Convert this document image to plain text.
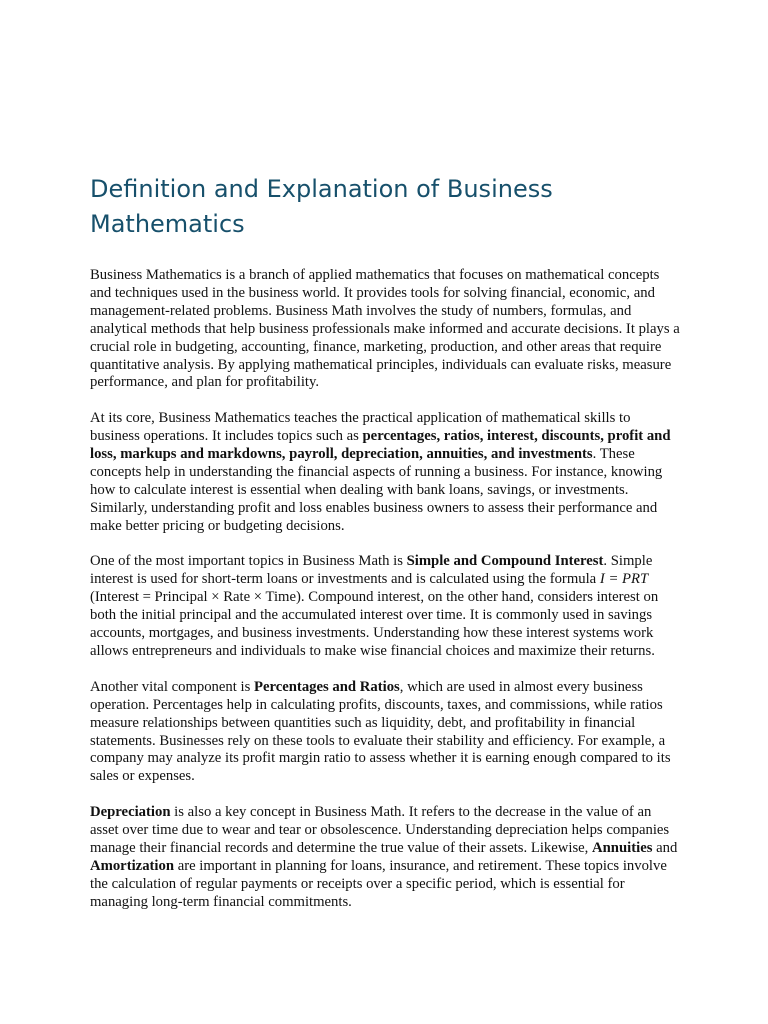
Definition and Explanation of Business Mathematics

Business Mathematics is a branch of applied mathematics that focuses on mathematical concepts and techniques used in the business world. It provides tools for solving financial, economic, and management-related problems. Business Math involves the study of numbers, formulas, and analytical methods that help business professionals make informed and accurate decisions. It plays a crucial role in budgeting, accounting, finance, marketing, production, and other areas that require quantitative analysis. By applying mathematical principles, individuals can evaluate risks, measure performance, and plan for profitability.

At its core, Business Mathematics teaches the practical application of mathematical skills to business operations. It includes topics such as percentages, ratios, interest, discounts, profit and loss, markups and markdowns, payroll, depreciation, annuities, and investments. These concepts help in understanding the financial aspects of running a business. For instance, knowing how to calculate interest is essential when dealing with bank loans, savings, or investments. Similarly, understanding profit and loss enables business owners to assess their performance and make better pricing or budgeting decisions.

One of the most important topics in Business Math is Simple and Compound Interest. Simple interest is used for short-term loans or investments and is calculated using the formula I = PRT (Interest = Principal × Rate × Time). Compound interest, on the other hand, considers interest on both the initial principal and the accumulated interest over time. It is commonly used in savings accounts, mortgages, and business investments. Understanding how these interest systems work allows entrepreneurs and individuals to make wise financial choices and maximize their returns.

Another vital component is Percentages and Ratios, which are used in almost every business operation. Percentages help in calculating profits, discounts, taxes, and commissions, while ratios measure relationships between quantities such as liquidity, debt, and profitability in financial statements. Businesses rely on these tools to evaluate their stability and efficiency. For example, a company may analyze its profit margin ratio to assess whether it is earning enough compared to its sales or expenses.

Depreciation is also a key concept in Business Math. It refers to the decrease in the value of an asset over time due to wear and tear or obsolescence. Understanding depreciation helps companies manage their financial records and determine the true value of their assets. Likewise, Annuities and Amortization are important in planning for loans, insurance, and retirement. These topics involve the calculation of regular payments or receipts over a specific period, which is essential for managing long-term financial commitments.
